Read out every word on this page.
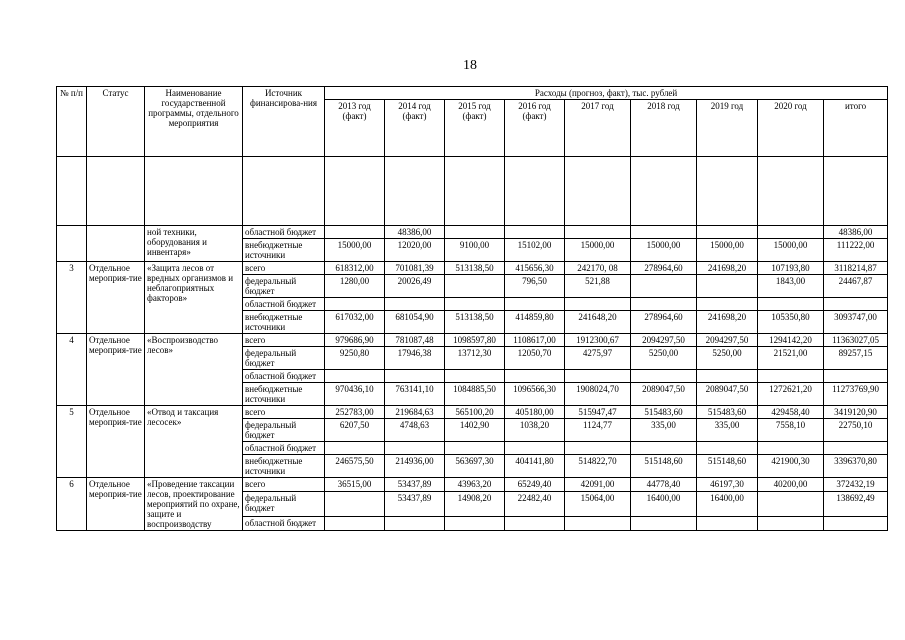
18
№ п/п	Статус	Наименование государственной программы, отдельного мероприятия	Источник финансирова-ния	Расходы (прогноз, факт), тыс. рублей								
				2013 год (факт)	2014 год (факт)	2015 год (факт)	2016 год (факт)	2017 год	2018 год	2019 год	2020 год	итого

		ной техники, оборудования и инвентаря»	областной бюджет		48386,00							48386,00
			внебюджетные источники	15000,00	12020,00	9100,00	15102,00	15000,00	15000,00	15000,00	15000,00	111222,00
3	Отдельное мероприя-тие	«Защита лесов от вредных организмов и неблагоприятных факторов»	всего	618312,00	701081,39	513138,50	415656,30	242170, 08	278964,60	241698,20	107193,80	3118214,87
			федеральный бюджет	1280,00	20026,49		796,50	521,88			1843,00	24467,87
			областной бюджет									
			внебюджетные источники	617032,00	681054,90	513138,50	414859,80	241648,20	278964,60	241698,20	105350,80	3093747,00
4	Отдельное мероприя-тие	«Воспроизводство лесов»	всего	979686,90	781087,48	1098597,80	1108617,00	1912300,67	2094297,50	2094297,50	1294142,20	11363027,05
			федеральный бюджет	9250,80	17946,38	13712,30	12050,70	4275,97	5250,00	5250,00	21521,00	89257,15
			областной бюджет									
			внебюджетные источники	970436,10	763141,10	1084885,50	1096566,30	1908024,70	2089047,50	2089047,50	1272621,20	11273769,90
5	Отдельное мероприя-тие	«Отвод и таксация лесосек»	всего	252783,00	219684,63	565100,20	405180,00	515947,47	515483,60	515483,60	429458,40	3419120,90
			федеральный бюджет	6207,50	4748,63	1402,90	1038,20	1124,77	335,00	335,00	7558,10	22750,10
			областной бюджет									
			внебюджетные источники	246575,50	214936,00	563697,30	404141,80	514822,70	515148,60	515148,60	421900,30	3396370,80
6	Отдельное мероприя-тие	«Проведение таксации лесов, проектирование мероприятий по охране, защите и воспроизводству	всего	36515,00	53437,89	43963,20	65249,40	42091,00	44778,40	46197,30	40200,00	372432,19
			федеральный бюджет		53437,89	14908,20	22482,40	15064,00	16400,00	16400,00		138692,49
			областной бюджет									
